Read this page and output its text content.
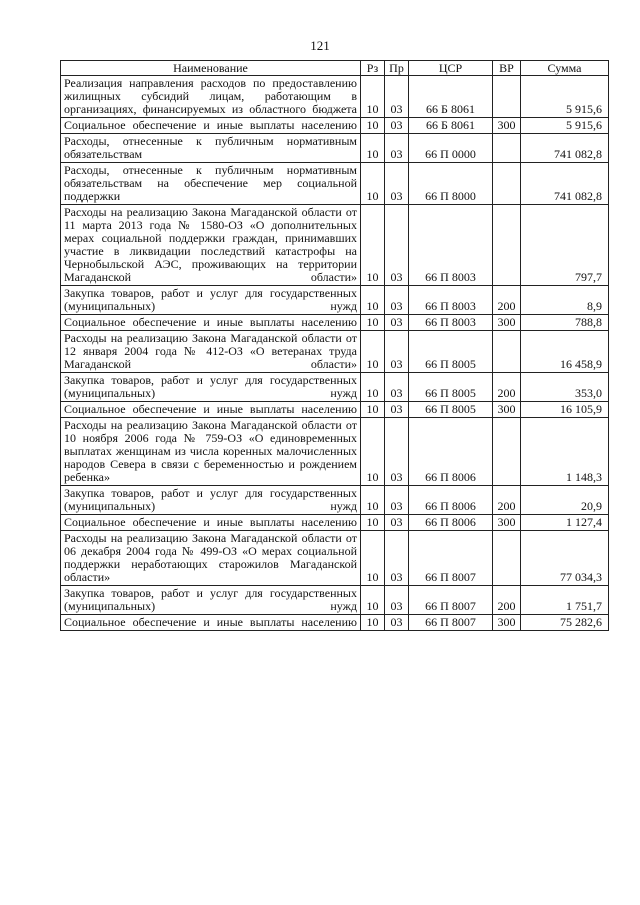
121
Наименование	Рз	Пр	ЦСР	ВР	Сумма

Реализация направления расходов по предоставлению жилищных субсидий лицам, работающим в организациях, финансируемых из областного бюджета	10	03	66 Б 8061		5 915,6

Социальное обеспечение и иные выплаты населению	10	03	66 Б 8061	300	5 915,6

Расходы, отнесенные к публичным нормативным обязательствам	10	03	66 П 0000		741 082,8

Расходы, отнесенные к публичным нормативным обязательствам на обеспечение мер социальной поддержки	10	03	66 П 8000		741 082,8

Расходы на реализацию Закона Магаданской области от 11 марта 2013 года № 1580-ОЗ «О дополнительных мерах социальной поддержки граждан, принимавших участие в ликвидации последствий катастрофы на Чернобыльской АЭС, проживающих на территории Магаданской области»	10	03	66 П 8003		797,7

Закупка товаров, работ и услуг для государственных (муниципальных) нужд	10	03	66 П 8003	200	8,9

Социальное обеспечение и иные выплаты населению	10	03	66 П 8003	300	788,8

Расходы на реализацию Закона Магаданской области от 12 января 2004 года № 412-ОЗ «О ветеранах труда Магаданской области»	10	03	66 П 8005		16 458,9

Закупка товаров, работ и услуг для государственных (муниципальных) нужд	10	03	66 П 8005	200	353,0

Социальное обеспечение и иные выплаты населению	10	03	66 П 8005	300	16 105,9

Расходы на реализацию Закона Магаданской области от 10 ноября 2006 года № 759-ОЗ «О единовременных выплатах женщинам из числа коренных малочисленных народов Севера в связи с беременностью и рождением ребенка»	10	03	66 П 8006		1 148,3

Закупка товаров, работ и услуг для государственных (муниципальных) нужд	10	03	66 П 8006	200	20,9

Социальное обеспечение и иные выплаты населению	10	03	66 П 8006	300	1 127,4

Расходы на реализацию Закона Магаданской области от 06 декабря 2004 года № 499-ОЗ «О мерах социальной поддержки неработающих старожилов Магаданской области»	10	03	66 П 8007		77 034,3

Закупка товаров, работ и услуг для государственных (муниципальных) нужд	10	03	66 П 8007	200	1 751,7

Социальное обеспечение и иные выплаты населению	10	03	66 П 8007	300	75 282,6
